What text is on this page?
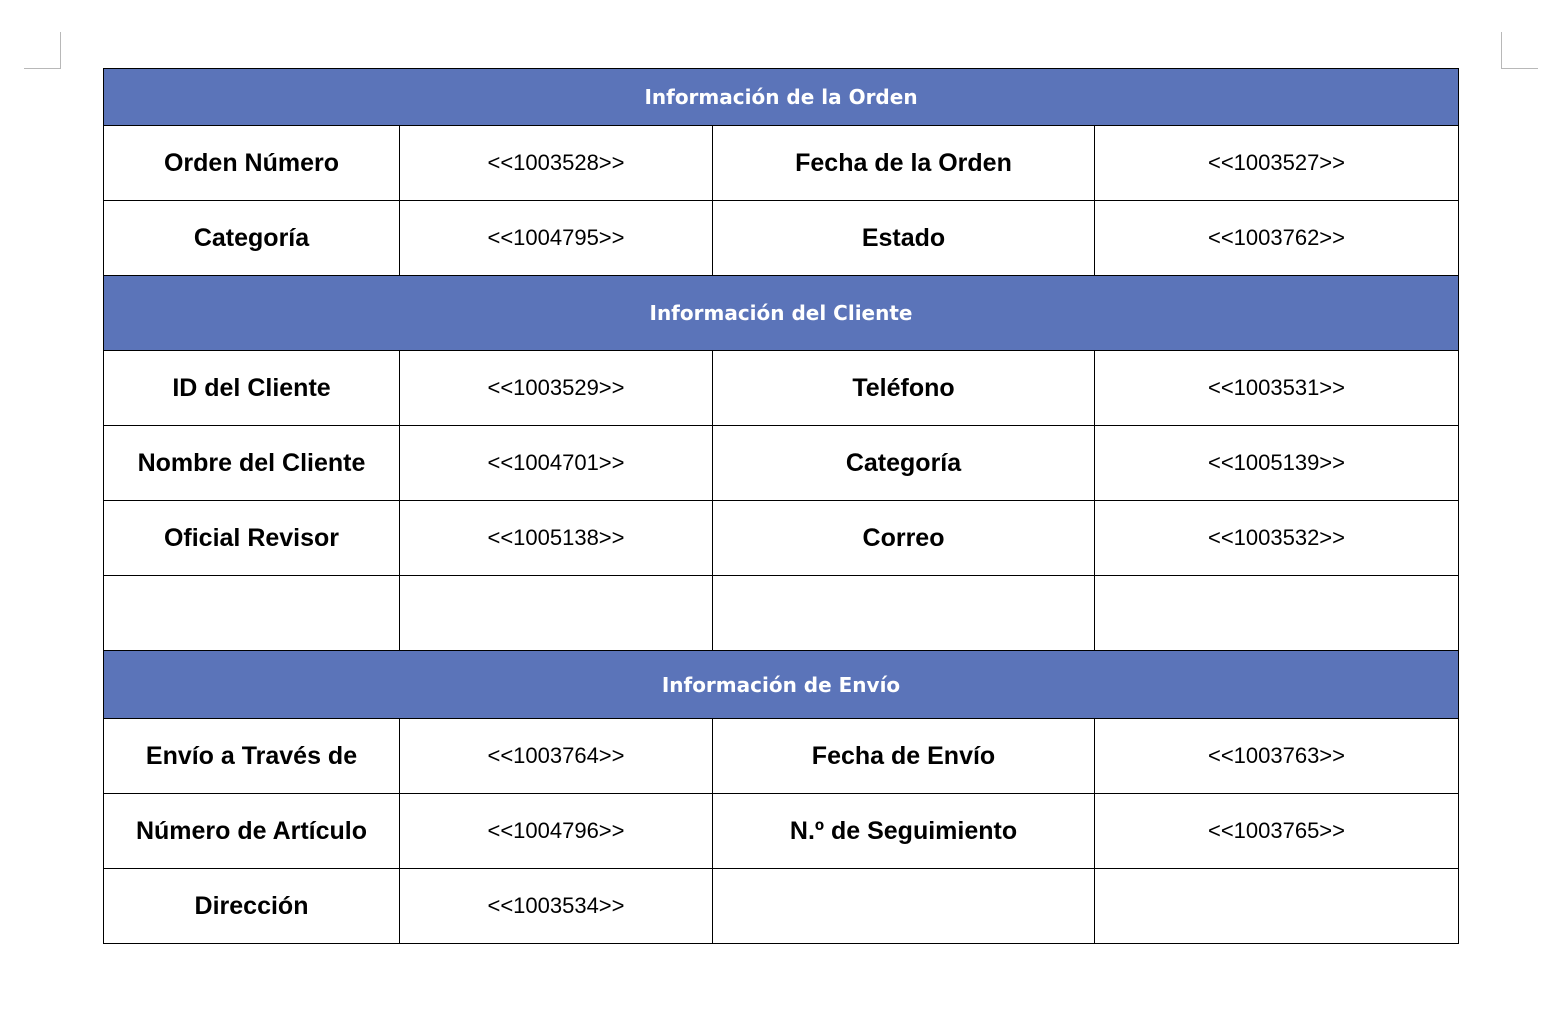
Información de la Orden			
Orden Número	<<1003528>>	Fecha de la Orden	<<1003527>>
Categoría	<<1004795>>	Estado	<<1003762>>
Información del Cliente			
ID del Cliente	<<1003529>>	Teléfono	<<1003531>>
Nombre del Cliente	<<1004701>>	Categoría	<<1005139>>
Oficial Revisor	<<1005138>>	Correo	<<1003532>>

Información de Envío			
Envío a Través de	<<1003764>>	Fecha de Envío	<<1003763>>
Número de Artículo	<<1004796>>	N.º de Seguimiento	<<1003765>>
Dirección	<<1003534>>		
